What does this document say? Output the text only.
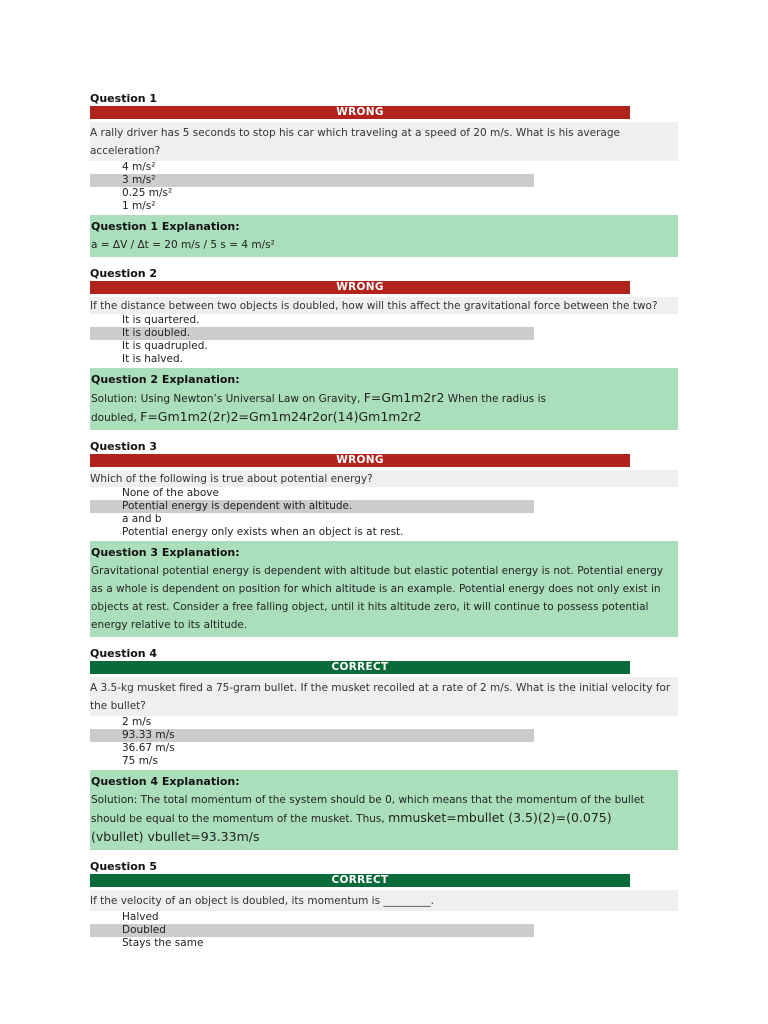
Question 1
WRONG
A rally driver has 5 seconds to stop his car which traveling at a speed of 20 m/s. What is his average acceleration?
4 m/s²
3 m/s²
0.25 m/s²
1 m/s²
Question 1 Explanation:
a = ΔV / Δt = 20 m/s / 5 s = 4 m/s²
Question 2
WRONG
If the distance between two objects is doubled, how will this affect the gravitational force between the two?
It is quartered.
It is doubled.
It is quadrupled.
It is halved.
Question 2 Explanation:
Solution: Using Newton’s Universal Law on Gravity, F=Gm1m2r2 When the radius is
doubled, F=Gm1m2(2r)2=Gm1m24r2or(14)Gm1m2r2
Question 3
WRONG
Which of the following is true about potential energy?
None of the above
Potential energy is dependent with altitude.
a and b
Potential energy only exists when an object is at rest.
Question 3 Explanation:
Gravitational potential energy is dependent with altitude but elastic potential energy is not. Potential energy as a whole is dependent on position for which altitude is an example. Potential energy does not only exist in objects at rest. Consider a free falling object, until it hits altitude zero, it will continue to possess potential energy relative to its altitude.
Question 4
CORRECT
A 3.5-kg musket fired a 75-gram bullet. If the musket recoiled at a rate of 2 m/s. What is the initial velocity for the bullet?
2 m/s
93.33 m/s
36.67 m/s
75 m/s
Question 4 Explanation:
Solution: The total momentum of the system should be 0, which means that the momentum of the bullet should be equal to the momentum of the musket. Thus, mmusket=mbullet (3.5)(2)=(0.075)
(vbullet) vbullet=93.33m/s
Question 5
CORRECT
If the velocity of an object is doubled, its momentum is _________.
Halved
Doubled
Stays the same
